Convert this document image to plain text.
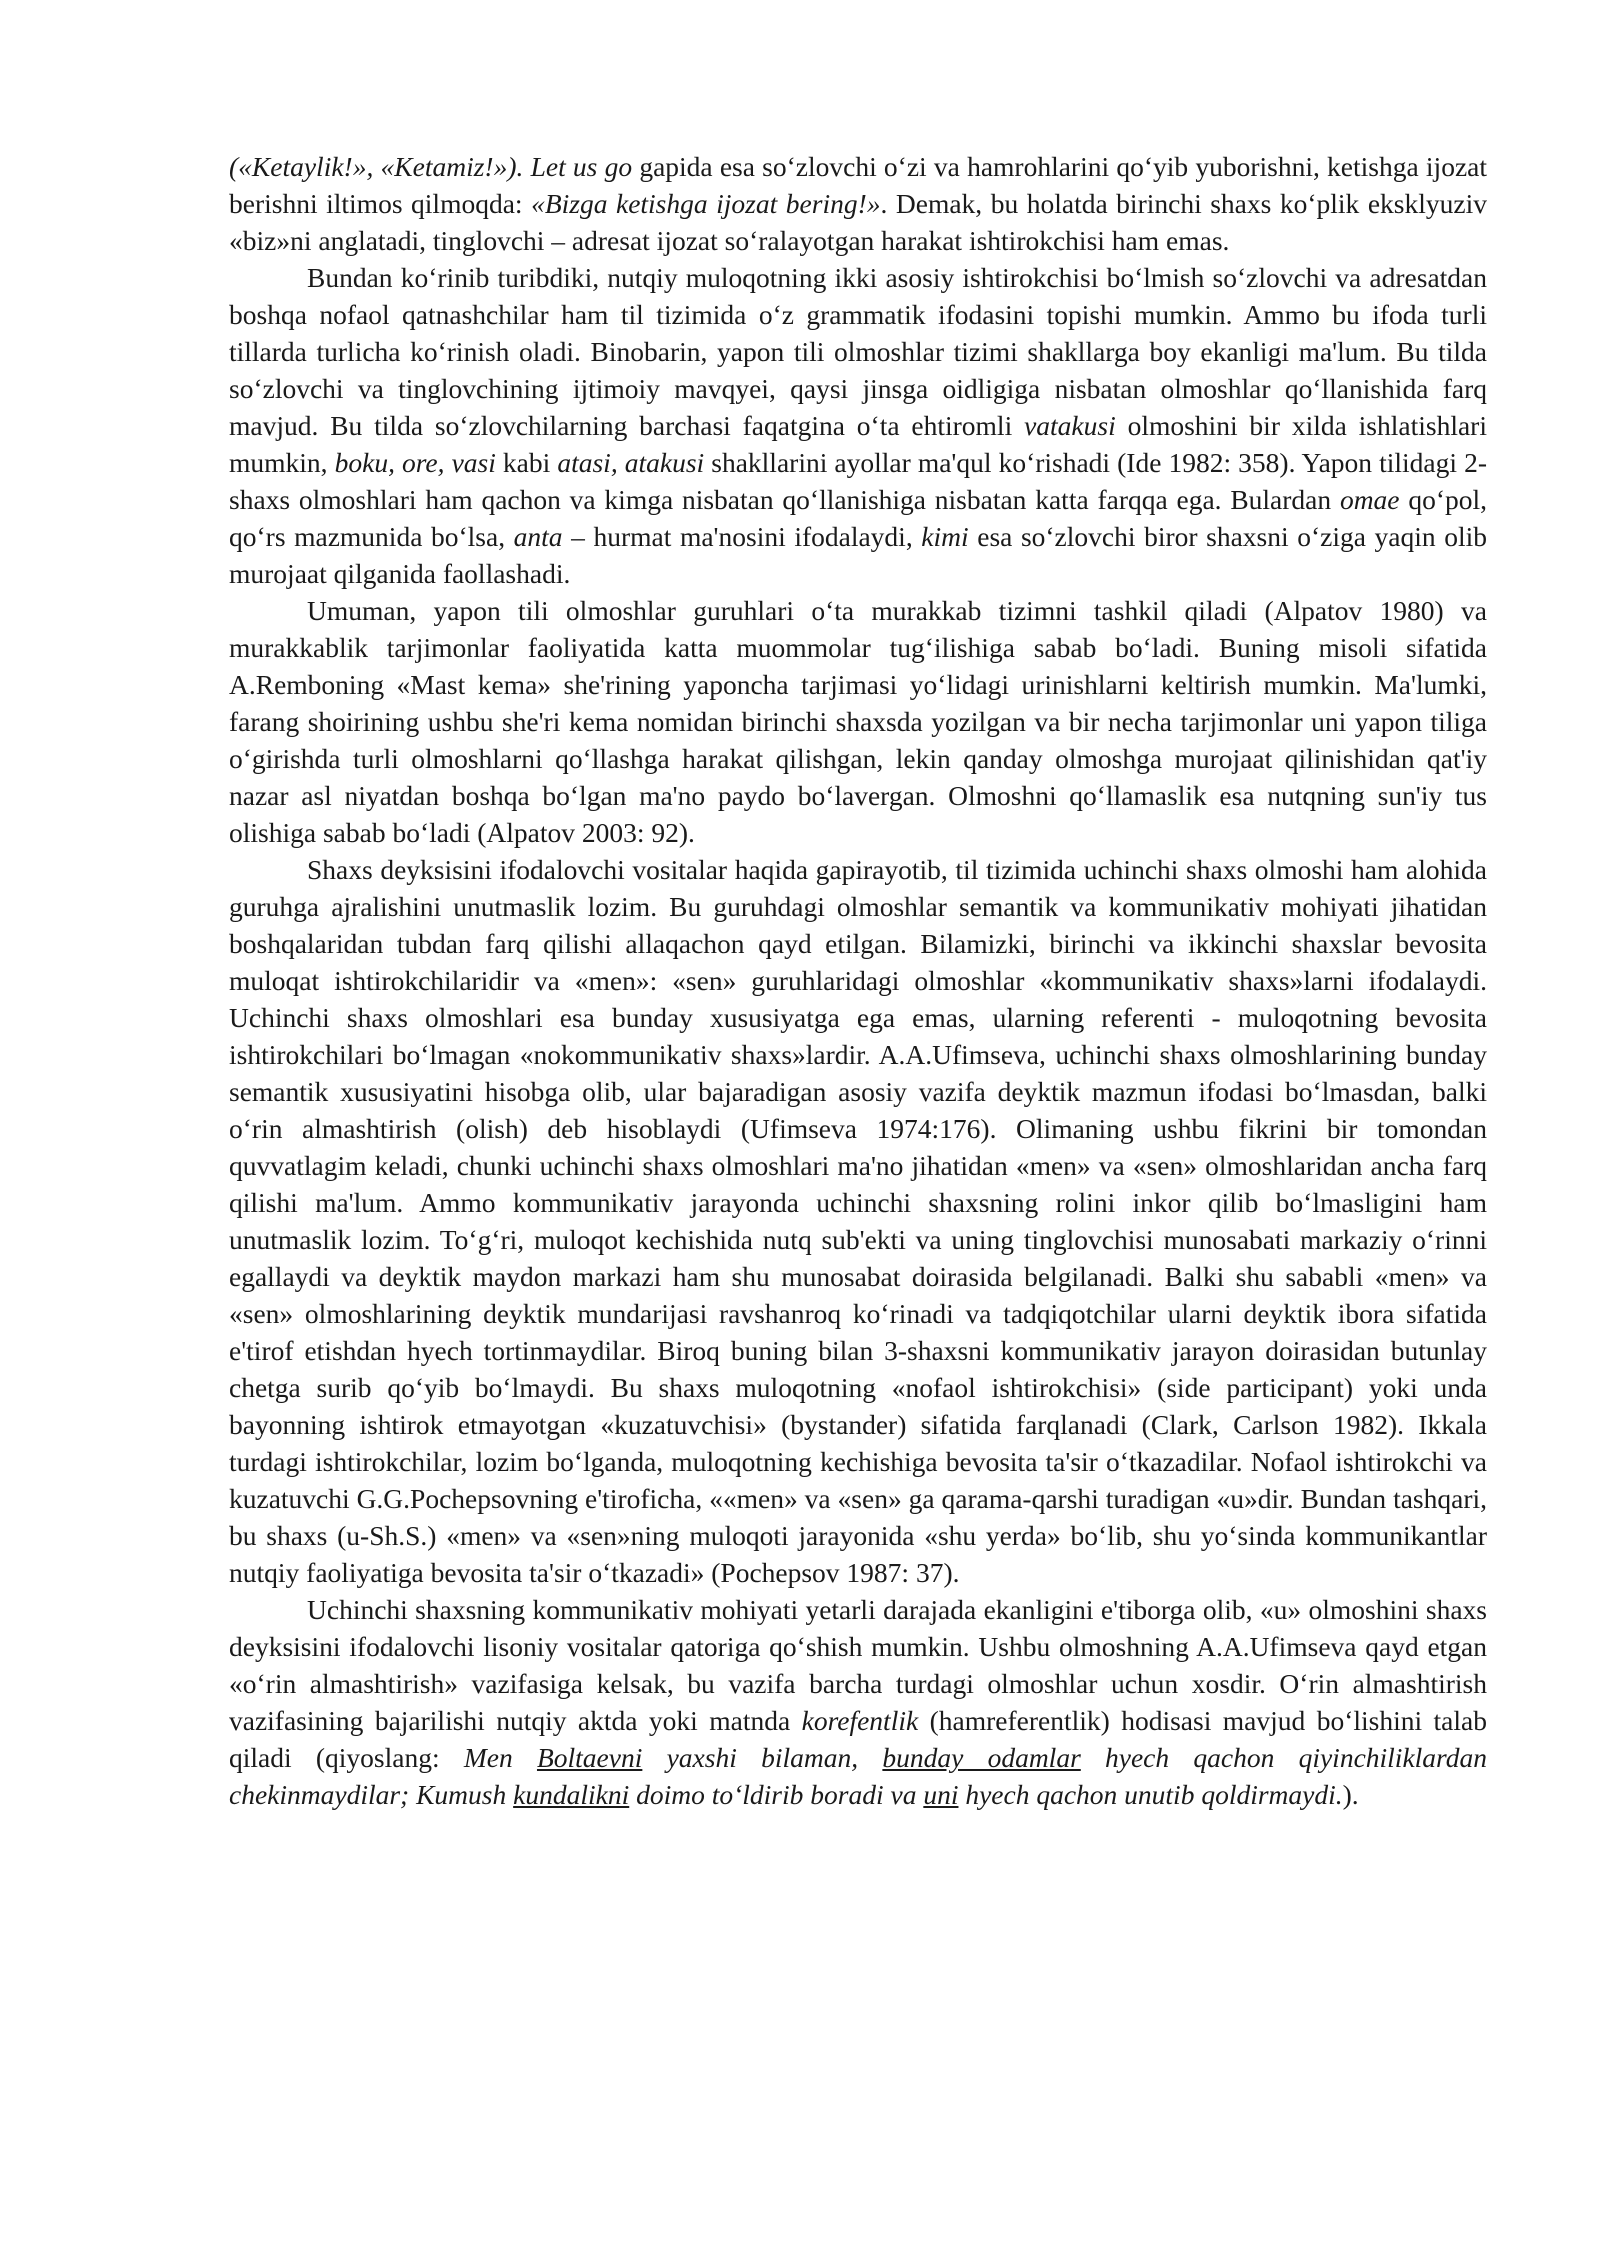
(«Ketaylik!», «Ketamiz!»). Let us go gapida esa so‘zlovchi o‘zi va hamrohlarini qo‘yib yuborishni, ketishga ijozat berishni iltimos qilmoqda: «Bizga ketishga ijozat bering!». Demak, bu holatda birinchi shaxs ko‘plik eksklyuziv «biz»ni anglatadi, tinglovchi – adresat ijozat so‘ralayotgan harakat ishtirokchisi ham emas.

Bundan ko‘rinib turibdiki, nutqiy muloqotning ikki asosiy ishtirokchisi bo‘lmish so‘zlovchi va adresatdan boshqa nofaol qatnashchilar ham til tizimida o‘z grammatik ifodasini topishi mumkin. Ammo bu ifoda turli tillarda turlicha ko‘rinish oladi. Binobarin, yapon tili olmoshlar tizimi shakllarga boy ekanligi ma'lum. Bu tilda so‘zlovchi va tinglovchining ijtimoiy mavqyei, qaysi jinsga oidligiga nisbatan olmoshlar qo‘llanishida farq mavjud. Bu tilda so‘zlovchilarning barchasi faqatgina o‘ta ehtiromli vatakusi olmoshini bir xilda ishlatishlari mumkin, boku, ore, vasi kabi atasi, atakusi shakllarini ayollar ma'qul ko‘rishadi (Ide 1982: 358). Yapon tilidagi 2-shaxs olmoshlari ham qachon va kimga nisbatan qo‘llanishiga nisbatan katta farqqa ega. Bulardan omae qo‘pol, qo‘rs mazmunida bo‘lsa, anta – hurmat ma'nosini ifodalaydi, kimi esa so‘zlovchi biror shaxsni o‘ziga yaqin olib murojaat qilganida faollashadi.

Umuman, yapon tili olmoshlar guruhlari o‘ta murakkab tizimni tashkil qiladi (Alpatov 1980) va murakkablik tarjimonlar faoliyatida katta muommolar tug‘ilishiga sabab bo‘ladi. Buning misoli sifatida A.Remboning «Mast kema» she'rining yaponcha tarjimasi yo‘lidagi urinishlarni keltirish mumkin. Ma'lumki, farang shoirining ushbu she'ri kema nomidan birinchi shaxsda yozilgan va bir necha tarjimonlar uni yapon tiliga o‘girishda turli olmoshlarni qo‘llashga harakat qilishgan, lekin qanday olmoshga murojaat qilinishidan qat'iy nazar asl niyatdan boshqa bo‘lgan ma'no paydo bo‘lavergan. Olmoshni qo‘llamaslik esa nutqning sun'iy tus olishiga sabab bo‘ladi (Alpatov 2003: 92).

Shaxs deyksisini ifodalovchi vositalar haqida gapirayotib, til tizimida uchinchi shaxs olmoshi ham alohida guruhga ajralishini unutmaslik lozim. Bu guruhdagi olmoshlar semantik va kommunikativ mohiyati jihatidan boshqalaridan tubdan farq qilishi allaqachon qayd etilgan. Bilamizki, birinchi va ikkinchi shaxslar bevosita muloqat ishtirokchilaridir va «men»: «sen» guruhlaridagi olmoshlar «kommunikativ shaxs»larni ifodalaydi. Uchinchi shaxs olmoshlari esa bunday xususiyatga ega emas, ularning referenti - muloqotning bevosita ishtirokchilari bo‘lmagan «nokommunikativ shaxs»lardir. A.A.Ufimseva, uchinchi shaxs olmoshlarining bunday semantik xususiyatini hisobga olib, ular bajaradigan asosiy vazifa deyktik mazmun ifodasi bo‘lmasdan, balki o‘rin almashtirish (olish) deb hisoblaydi (Ufimseva 1974:176). Olimaning ushbu fikrini bir tomondan quvvatlagim keladi, chunki uchinchi shaxs olmoshlari ma'no jihatidan «men» va «sen» olmoshlaridan ancha farq qilishi ma'lum. Ammo kommunikativ jarayonda uchinchi shaxsning rolini inkor qilib bo‘lmasligini ham unutmaslik lozim. To‘g‘ri, muloqot kechishida nutq sub'ekti va uning tinglovchisi munosabati markaziy o‘rinni egallaydi va deyktik maydon markazi ham shu munosabat doirasida belgilanadi. Balki shu sababli «men» va «sen» olmoshlarining deyktik mundarijasi ravshanroq ko‘rinadi va tadqiqotchilar ularni deyktik ibora sifatida e'tirof etishdan hyech tortinmaydilar. Biroq buning bilan 3-shaxsni kommunikativ jarayon doirasidan butunlay chetga surib qo‘yib bo‘lmaydi. Bu shaxs muloqotning «nofaol ishtirokchisi» (side participant) yoki unda bayonning ishtirok etmayotgan «kuzatuvchisi» (bystander) sifatida farqlanadi (Clark, Carlson 1982). Ikkala turdagi ishtirokchilar, lozim bo‘lganda, muloqotning kechishiga bevosita ta'sir o‘tkazadilar. Nofaol ishtirokchi va kuzatuvchi G.G.Pochepsovning e'tiroficha, ««men» va «sen» ga qarama-qarshi turadigan «u»dir. Bundan tashqari, bu shaxs (u-Sh.S.) «men» va «sen»ning muloqoti jarayonida «shu yerda» bo‘lib, shu yo‘sinda kommunikantlar nutqiy faoliyatiga bevosita ta'sir o‘tkazadi» (Pochepsov 1987: 37).

Uchinchi shaxsning kommunikativ mohiyati yetarli darajada ekanligini e'tiborga olib, «u» olmoshini shaxs deyksisini ifodalovchi lisoniy vositalar qatoriga qo‘shish mumkin. Ushbu olmoshning A.A.Ufimseva qayd etgan «o‘rin almashtirish» vazifasiga kelsak, bu vazifa barcha turdagi olmoshlar uchun xosdir. O‘rin almashtirish vazifasining bajarilishi nutqiy aktda yoki matnda korefentlik (hamreferentlik) hodisasi mavjud bo‘lishini talab qiladi (qiyoslang: Men Boltaevni yaxshi bilaman, bunday odamlar hyech qachon qiyinchiliklardan chekinmaydilar; Kumush kundalikni doimo to‘ldirib boradi va uni hyech qachon unutib qoldirmaydi.).
